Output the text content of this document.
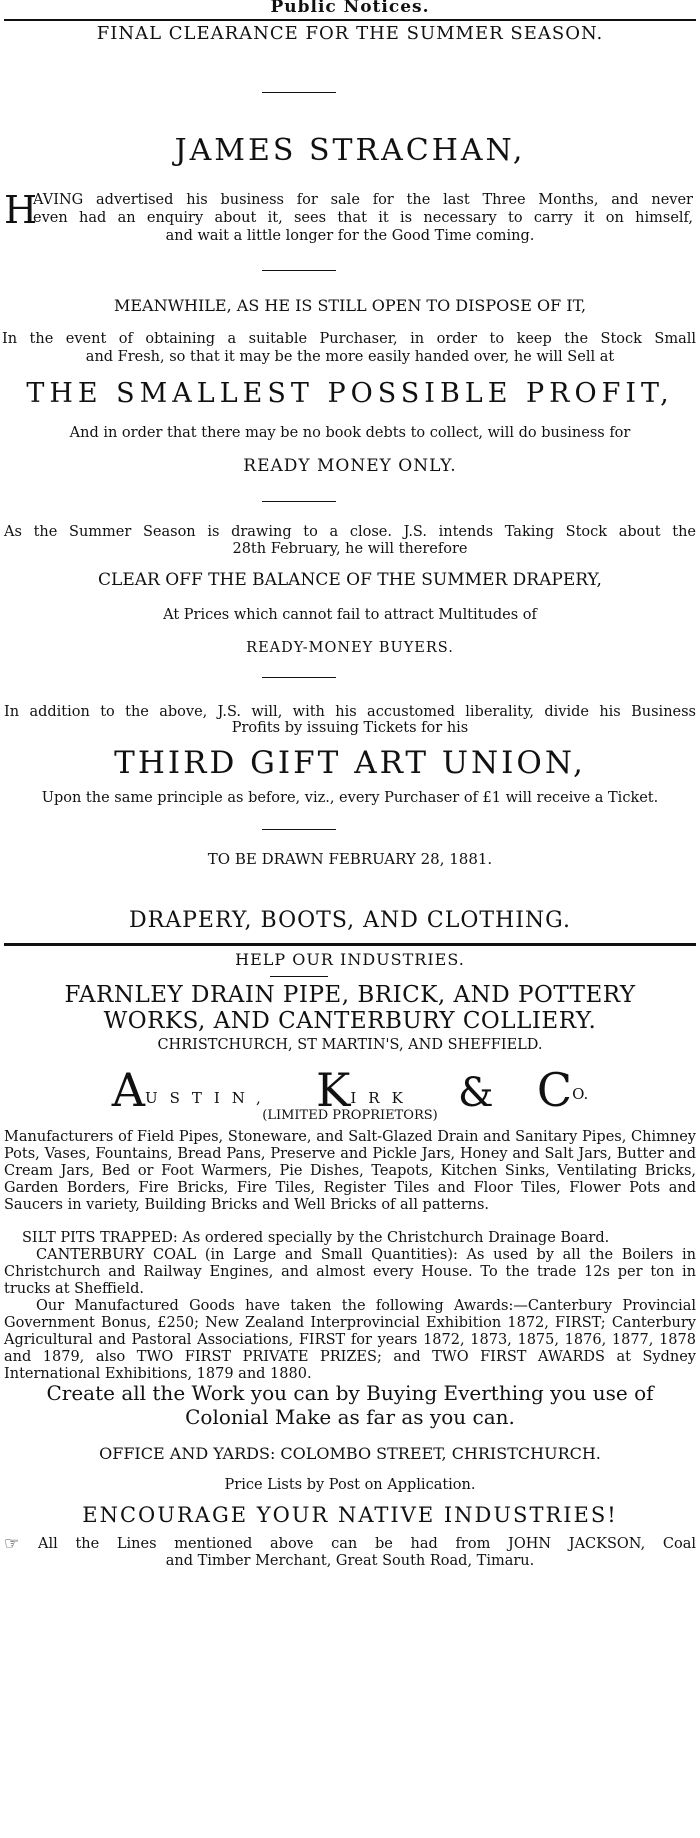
Public Notices.
FINAL CLEARANCE FOR THE SUMMER SEASON.
JAMES STRACHAN,
H
AVING advertised his business for sale for the last Three Months, and never
even had an enquiry about it, sees that it is necessary to carry it on himself,
and wait a little longer for the Good Time coming.
MEANWHILE, AS HE IS STILL OPEN TO DISPOSE OF IT,
In the event of obtaining a suitable Purchaser, in order to keep the Stock Small
and Fresh, so that it may be the more easily handed over, he will Sell at
THE SMALLEST POSSIBLE PROFIT,
And in order that there may be no book debts to collect, will do business for
READY MONEY ONLY.
As the Summer Season is drawing to a close. J.S. intends Taking Stock about the
28th February, he will therefore
CLEAR OFF THE BALANCE OF THE SUMMER DRAPERY,
At Prices which cannot fail to attract Multitudes of
READY-MONEY BUYERS.
In addition to the above, J.S. will, with his accustomed liberality, divide his Business
Profits by issuing Tickets for his
THIRD GIFT ART UNION,
Upon the same principle as before, viz., every Purchaser of £1 will receive a Ticket.
TO BE DRAWN FEBRUARY 28, 1881.
DRAPERY, BOOTS, AND CLOTHING.
HELP OUR INDUSTRIES.
FARNLEY DRAIN PIPE, BRICK, AND POTTERY
WORKS, AND CANTERBURY COLLIERY.
CHRISTCHURCH, ST MARTIN'S, AND SHEFFIELD.
$A^{USTIN,}$ $K^{IRK}$ & $C^{O.}$
(LIMITED PROPRIETORS)
Manufacturers of Field Pipes, Stoneware, and Salt-Glazed Drain and Sanitary Pipes, Chimney Pots, Vases, Fountains, Bread Pans, Preserve and Pickle Jars, Honey and Salt Jars, Butter and Cream Jars, Bed or Foot Warmers, Pie Dishes, Teapots, Kitchen Sinks, Ventilating Bricks, Garden Borders, Fire Bricks, Fire Tiles, Register Tiles and Floor Tiles, Flower Pots and Saucers in variety, Building Bricks and Well Bricks of all patterns.
SILT PITS TRAPPED: As ordered specially by the Christchurch Drainage Board.
CANTERBURY COAL (in Large and Small Quantities): As used by all the Boilers in Christchurch and Railway Engines, and almost every House. To the trade 12s per ton in trucks at Sheffield.
Our Manufactured Goods have taken the following Awards:—Canterbury Provincial Government Bonus, £250; New Zealand Interprovincial Exhibition 1872, FIRST; Canterbury Agricultural and Pastoral Associations, FIRST for years 1872, 1873, 1875, 1876, 1877, 1878 and 1879, also TWO FIRST PRIVATE PRIZES; and TWO FIRST AWARDS at Sydney International Exhibitions, 1879 and 1880.
Create all the Work you can by Buying Everthing you use of
Colonial Make as far as you can.
OFFICE AND YARDS: COLOMBO STREET, CHRISTCHURCH.
Price Lists by Post on Application.
ENCOURAGE YOUR NATIVE INDUSTRIES!
☞ All the Lines mentioned above can be had from JOHN JACKSON, Coal
and Timber Merchant, Great South Road, Timaru.
